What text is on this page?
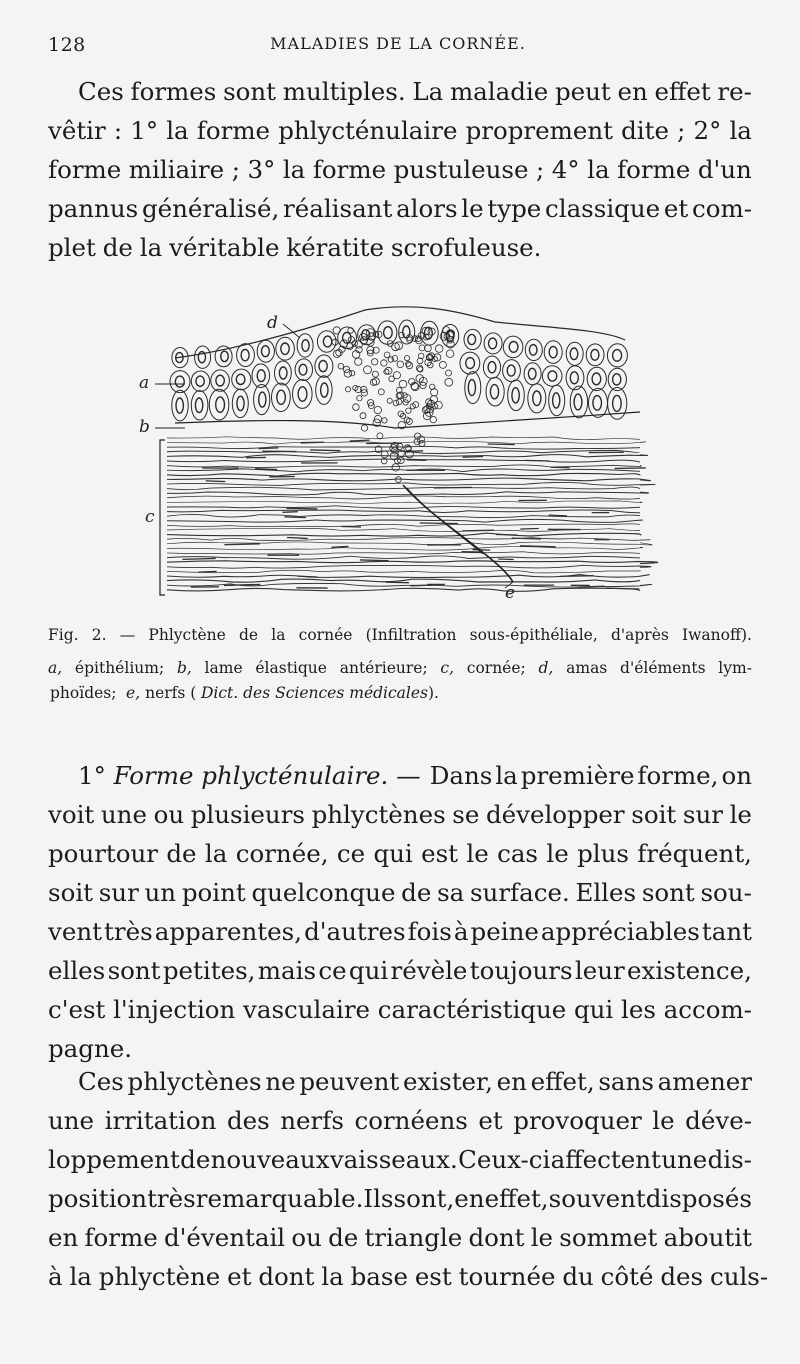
128	MALADIES DE LA CORNÉE.
Ces formes sont multiples. La maladie peut en effet re-
vêtir : 1° la forme phlycténulaire proprement dite ; 2° la
forme miliaire ; 3° la forme pustuleuse ; 4° la forme d'un
pannus généralisé, réalisant alors le type classique et com-
plet de la véritable kératite scrofuleuse.
a
b
c
d
e
Fig. 2. — Phlyctène de la cornée (Infiltration sous-épithéliale, d'après Iwanoff).
a, épithélium; b, lame élastique antérieure; c, cornée; d, amas d'éléments lym-
phoïdes; e, nerfs ( Dict. des Sciences médicales).
1° Forme phlycténulaire. — Dans la première forme, on
voit une ou plusieurs phlyctènes se développer soit sur le
pourtour de la cornée, ce qui est le cas le plus fréquent,
soit sur un point quelconque de sa surface. Elles sont sou-
vent très apparentes, d'autres fois à peine appréciables tant
elles sont petites, mais ce qui révèle toujours leur existence,
c'est l'injection vasculaire caractéristique qui les accom-
pagne.
Ces phlyctènes ne peuvent exister, en effet, sans amener
une irritation des nerfs cornéens et provoquer le déve-
loppement de nouveaux vaisseaux. Ceux-ci affectent une dis-
position très remarquable. Ils sont, en effet, souvent disposés
en forme d'éventail ou de triangle dont le sommet aboutit
à la phlyctène et dont la base est tournée du côté des culs-
